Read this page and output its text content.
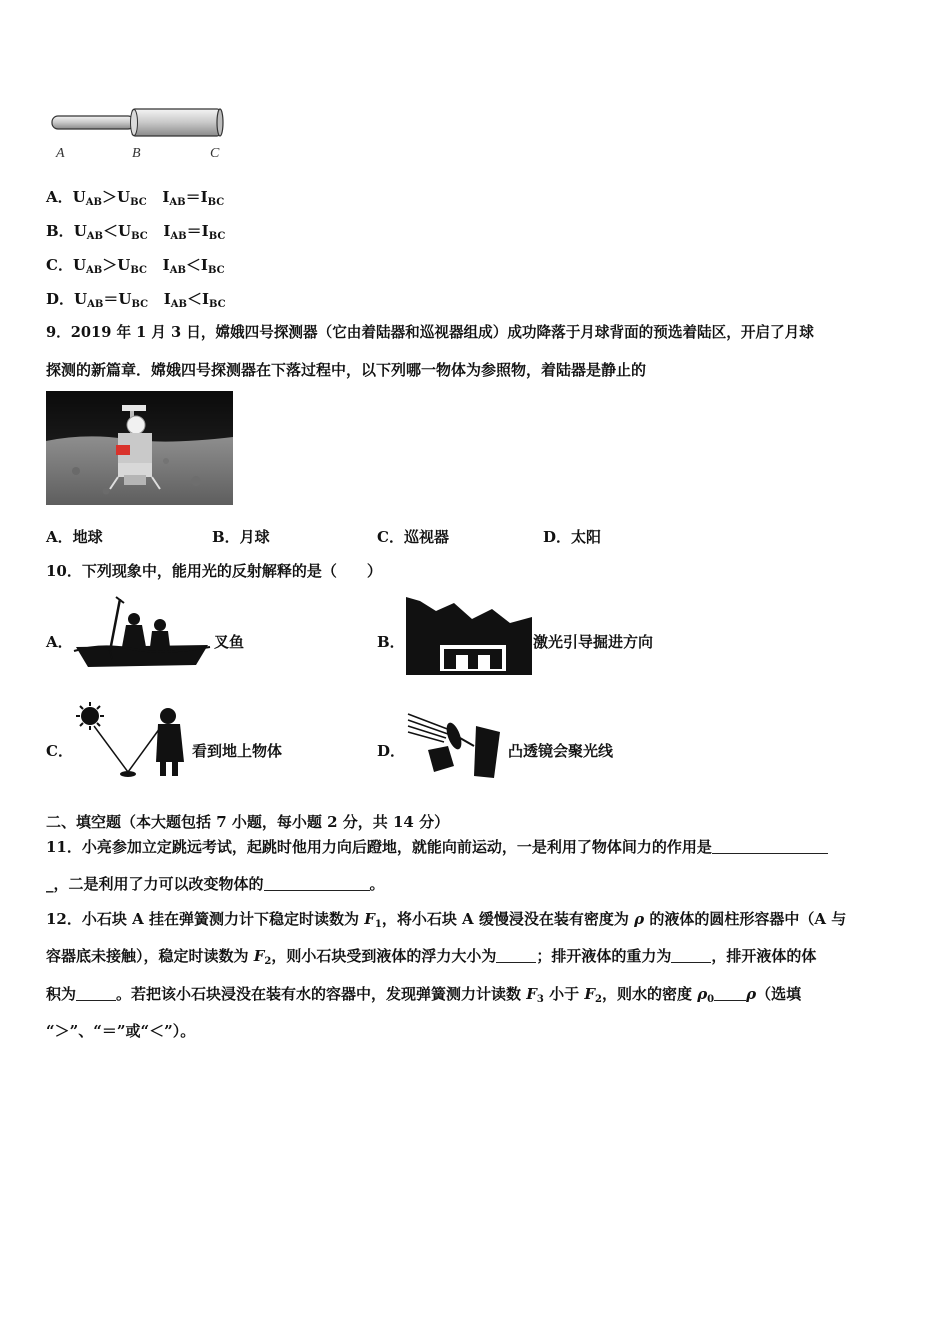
A	B	C
A．$U_{AB}>U_{BC}$ $I_{AB}=I_{BC}$
B．$U_{AB}<U_{BC}$ $I_{AB}=I_{BC}$
C．$U_{AB}>U_{BC}$ $I_{AB}<I_{BC}$
D．$U_{AB}=U_{BC}$ $I_{AB}<I_{BC}$
9．2019 年 1 月 3 日，嫦娥四号探测器（它由着陆器和巡视器组成）成功降落于月球背面的预选着陆区，开启了月球
探测的新篇章．嫦娥四号探测器在下落过程中，以下列哪一物体为参照物，着陆器是静止的
A．地球	B．月球	C．巡视器	D．太阳
10．下列现象中，能用光的反射解释的是（　　）
A．	叉鱼	B．	激光引导掘进方向
C．	看到地上物体	D．	凸透镜会聚光线
二、填空题（本大题包括 7 小题，每小题 2 分，共 14 分）
11．小亮参加立定跳远考试，起跳时他用力向后蹬地，就能向前运动，一是利用了物体间力的作用是
_，二是利用了力可以改变物体的	。
12．小石块 A 挂在弹簧测力计下稳定时读数为 $F_1$，将小石块 A 缓慢浸没在装有密度为 ρ 的液体的圆柱形容器中（A 与
容器底未接触），稳定时读数为 $F_2$，则小石块受到液体的浮力大小为	；排开液体的重力为	，排开液体的体
积为	。若把该小石块浸没在装有水的容器中，发现弹簧测力计读数 $F_3$ 小于 $F_2$，则水的密度 $\rho_0$ ρ（选填
“＞”、“＝”或“＜”）。
